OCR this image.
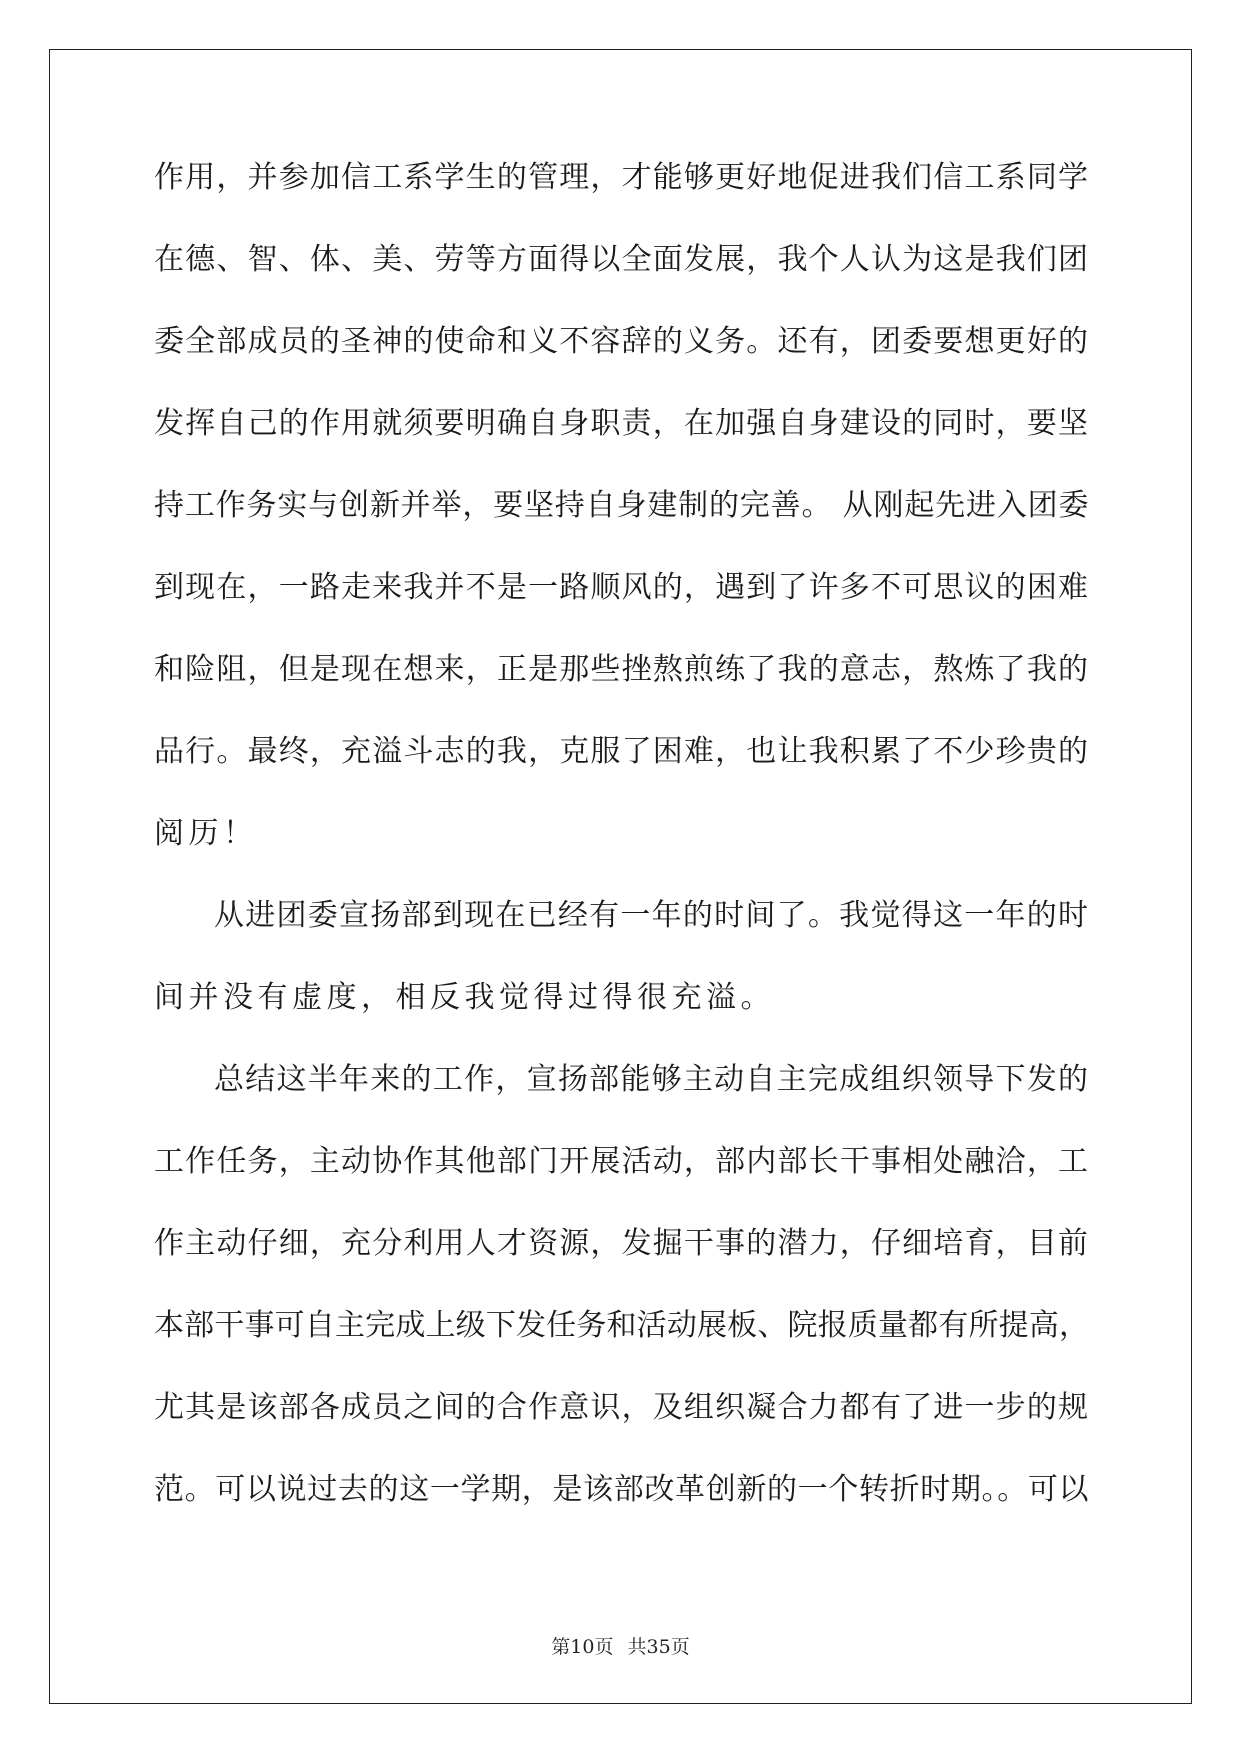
作用，并参加信工系学生的管理，才能够更好地促进我们信工系同学
在德、智、体、美、劳等方面得以全面发展，我个人认为这是我们团
委全部成员的圣神的使命和义不容辞的义务。还有，团委要想更好的
发挥自己的作用就须要明确自身职责，在加强自身建设的同时，要坚
持工作务实与创新并举，要坚持自身建制的完善。 从刚起先进入团委
到现在，一路走来我并不是一路顺风的，遇到了许多不可思议的困难
和险阻，但是现在想来，正是那些挫熬煎练了我的意志，熬炼了我的
品行。最终，充溢斗志的我，克服了困难，也让我积累了不少珍贵的
阅历！
从进团委宣扬部到现在已经有一年的时间了。我觉得这一年的时
间并没有虚度，相反我觉得过得很充溢。
总结这半年来的工作，宣扬部能够主动自主完成组织领导下发的
工作任务，主动协作其他部门开展活动，部内部长干事相处融洽，工
作主动仔细，充分利用人才资源，发掘干事的潜力，仔细培育，目前
本部干事可自主完成上级下发任务和活动展板、院报质量都有所提高，
尤其是该部各成员之间的合作意识，及组织凝合力都有了进一步的规
范。可以说过去的这一学期，是该部改革创新的一个转折时期。。可以
第10页 共35页
